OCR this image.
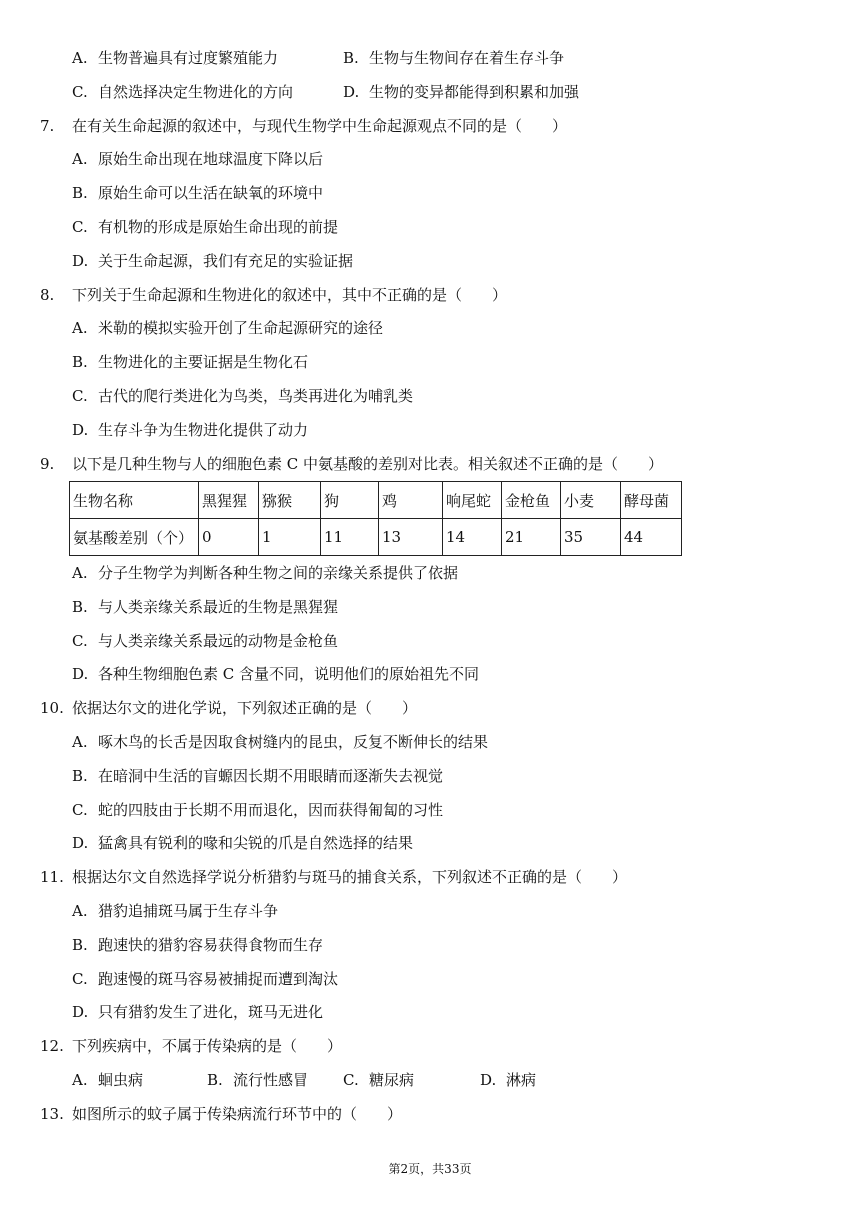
A. 生物普遍具有过度繁殖能力	B. 生物与生物间存在着生存斗争
C. 自然选择决定生物进化的方向	D. 生物的变异都能得到积累和加强
7. 在有关生命起源的叙述中，与现代生物学中生命起源观点不同的是（　　）
A. 原始生命出现在地球温度下降以后
B. 原始生命可以生活在缺氧的环境中
C. 有机物的形成是原始生命出现的前提
D. 关于生命起源，我们有充足的实验证据
8. 下列关于生命起源和生物进化的叙述中，其中不正确的是（　　）
A. 米勒的模拟实验开创了生命起源研究的途径
B. 生物进化的主要证据是生物化石
C. 古代的爬行类进化为鸟类，鸟类再进化为哺乳类
D. 生存斗争为生物进化提供了动力
9. 以下是几种生物与人的细胞色素 C 中氨基酸的差别对比表。相关叙述不正确的是（　　）
生物名称	黑猩猩	猕猴	狗	鸡	响尾蛇	金枪鱼	小麦	酵母菌
氨基酸差别（个）	0	1	11	13	14	21	35	44
A. 分子生物学为判断各种生物之间的亲缘关系提供了依据
B. 与人类亲缘关系最近的生物是黑猩猩
C. 与人类亲缘关系最远的动物是金枪鱼
D. 各种生物细胞色素 C 含量不同，说明他们的原始祖先不同
10. 依据达尔文的进化学说，下列叙述正确的是（　　）
A. 啄木鸟的长舌是因取食树缝内的昆虫，反复不断伸长的结果
B. 在暗洞中生活的盲螈因长期不用眼睛而逐渐失去视觉
C. 蛇的四肢由于长期不用而退化，因而获得匍匐的习性
D. 猛禽具有锐利的喙和尖锐的爪是自然选择的结果
11. 根据达尔文自然选择学说分析猎豹与斑马的捕食关系，下列叙述不正确的是（　　）
A. 猎豹追捕斑马属于生存斗争
B. 跑速快的猎豹容易获得食物而生存
C. 跑速慢的斑马容易被捕捉而遭到淘汰
D. 只有猎豹发生了进化，斑马无进化
12. 下列疾病中，不属于传染病的是（　　）
A. 蛔虫病	B. 流行性感冒 C. 糖尿病	D. 淋病
13. 如图所示的蚊子属于传染病流行环节中的（　　）
第2页，共33页
